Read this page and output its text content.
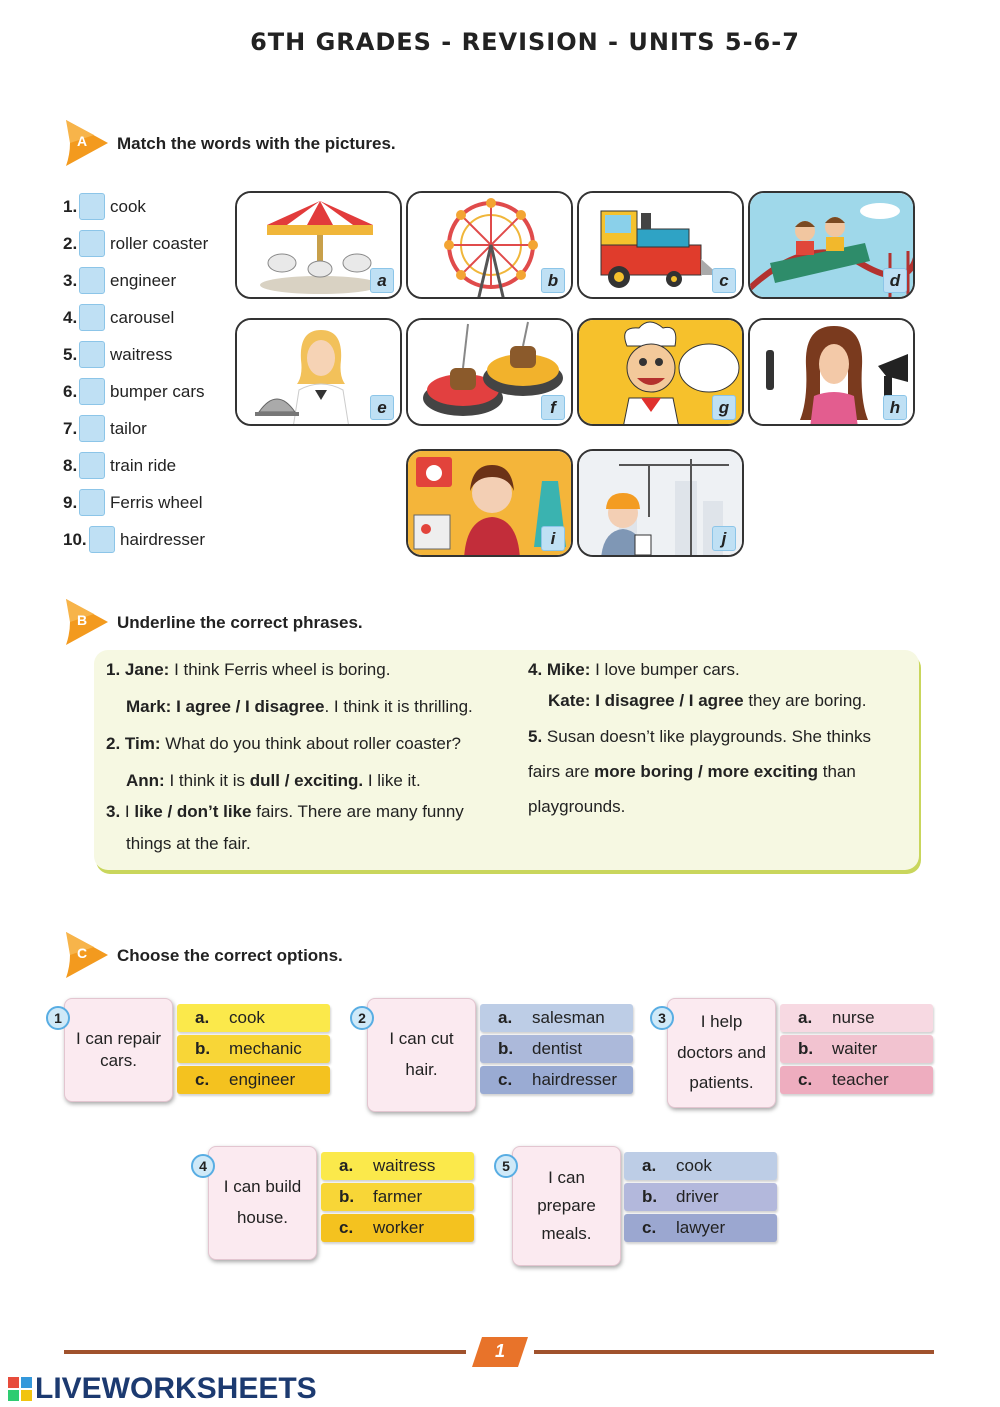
6TH GRADES - REVISION - UNITS 5-6-7
A Match the words with the pictures.
1. cook
2. roller coaster
3. engineer
4. carousel
5. waitress
6. bumper cars
7. tailor
8. train ride
9. Ferris wheel
10. hairdresser
a	b	c	d
e	f	g	h
i	j
B Underline the correct phrases.
1. Jane: I think Ferris wheel is boring.
Mark: I agree / I disagree. I think it is thrilling.
2. Tim: What do you think about roller coaster?
Ann: I think it is dull / exciting. I like it.
3. I like / don’t like fairs. There are many funny
things at the fair.
4. Mike: I love bumper cars.
Kate: I disagree / I agree they are boring.
5. Susan doesn’t like playgrounds. She thinks
fairs are more boring / more exciting than
playgrounds.
C Choose the correct options.
I can repair cars.
1	a. cook
b. mechanic
c. engineer
I can cut hair.
2	a. salesman
b. dentist
c. hairdresser
I help doctors and patients.
3	a. nurse
b. waiter
c. teacher
I can build house.
4	a. waitress
b. farmer
c. worker
I can prepare meals.
5	a. cook
b. driver
c. lawyer
1
LIVEWORKSHEETS
